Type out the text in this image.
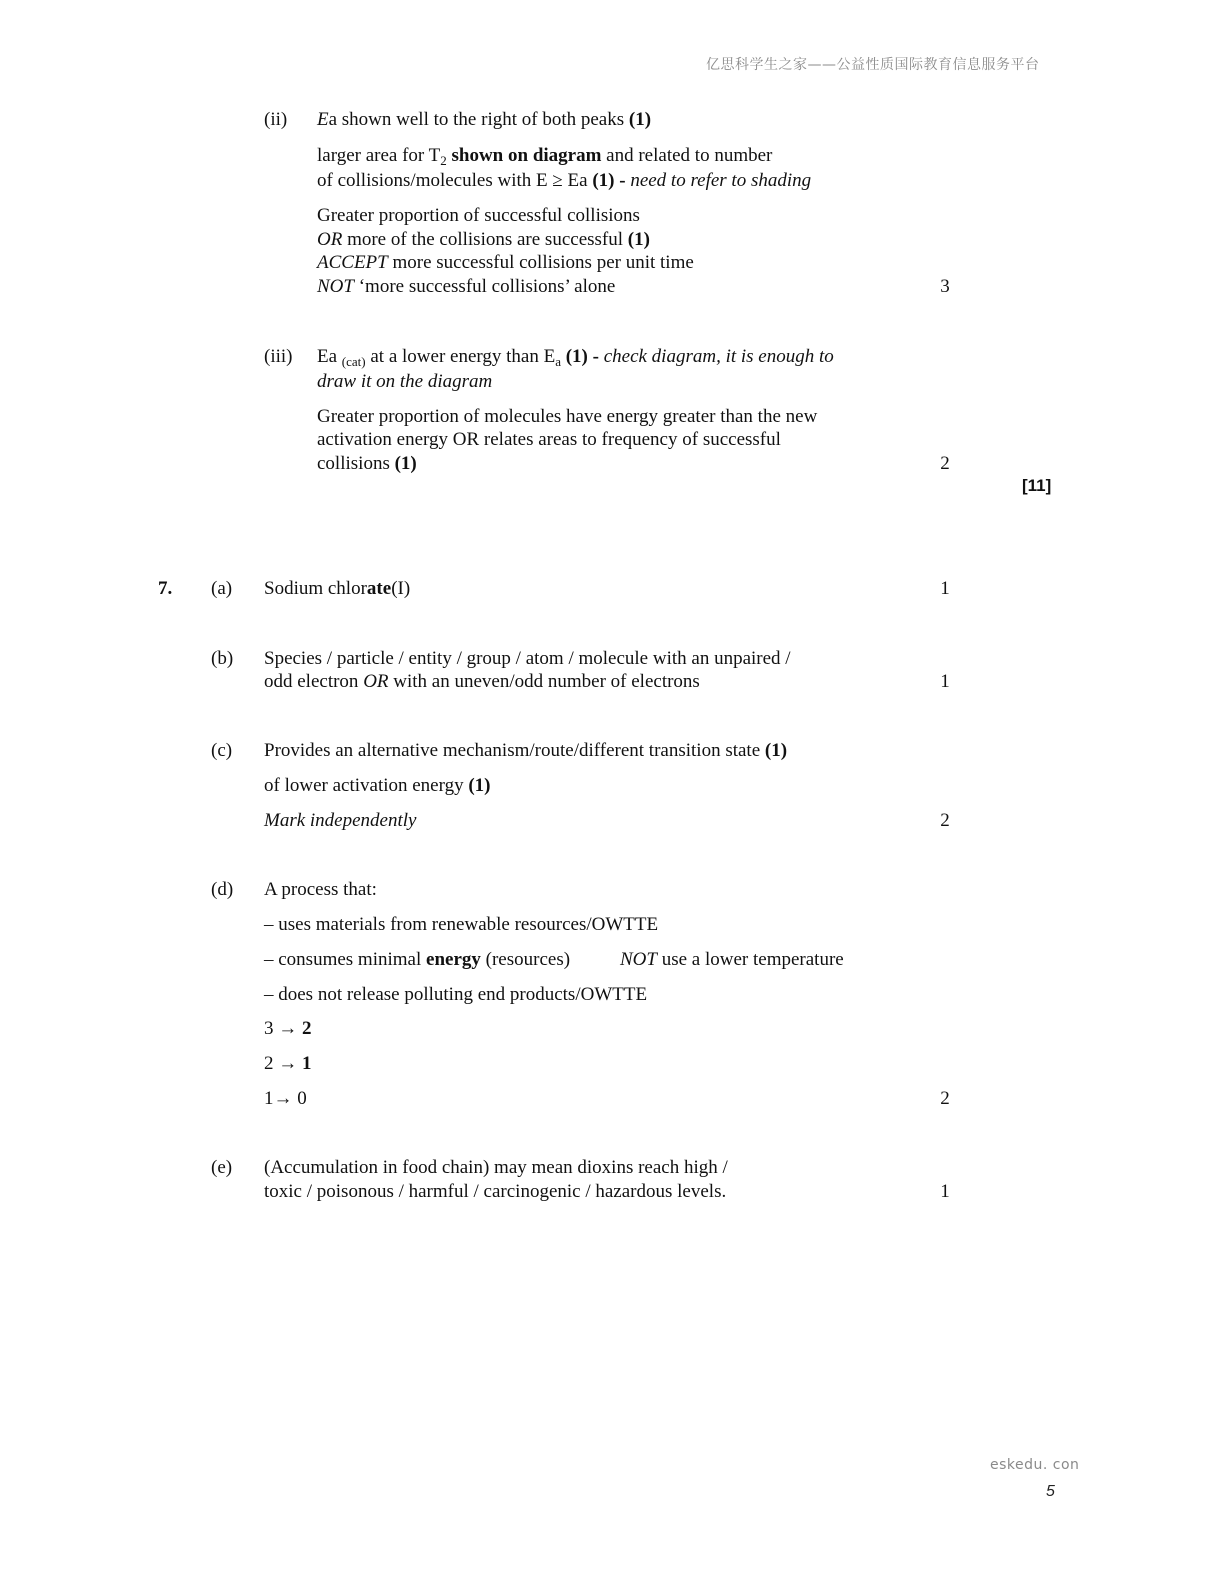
亿思科学生之家——公益性质国际教育信息服务平台
(ii) Ea shown well to the right of both peaks (1)
larger area for $T_2$ shown on diagram and related to number
of collisions/molecules with E ≥ Ea (1) - need to refer to shading
Greater proportion of successful collisions
OR more of the collisions are successful (1)
ACCEPT more successful collisions per unit time
NOT ‘more successful collisions’ alone	3
(iii) Ea $_{(cat)}$ at a lower energy than $E_a$ (1) - check diagram, it is enough to
draw it on the diagram
Greater proportion of molecules have energy greater than the new
activation energy OR relates areas to frequency of successful
collisions (1)	2
[11]
7. (a) Sodium chlorate(I)	1
(b) Species / particle / entity / group / atom / molecule with an unpaired /
odd electron OR with an uneven/odd number of electrons	1
(c) Provides an alternative mechanism/route/different transition state (1)
of lower activation energy (1)
Mark independently	2
(d) A process that:
– uses materials from renewable resources/OWTTE
– consumes minimal energy (resources)	NOT use a lower temperature
– does not release polluting end products/OWTTE
3 → 2
2 → 1
1→ 0	2
(e) (Accumulation in food chain) may mean dioxins reach high /
toxic / poisonous / harmful / carcinogenic / hazardous levels.	1
eskedu. con
5
